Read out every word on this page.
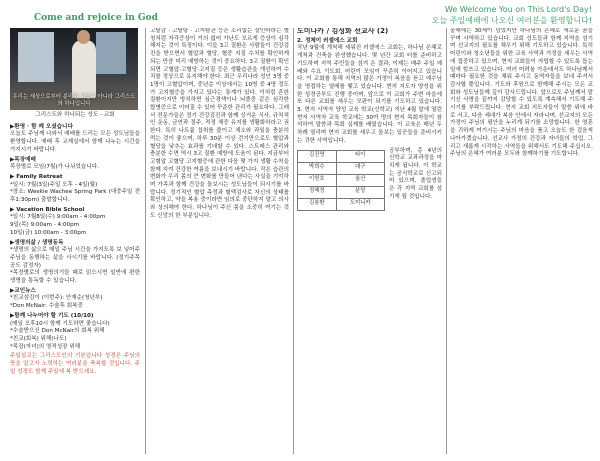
Come and rejoice in God
We Welcome You on This Lord's Day!
오늘 주일예배에 나오신 여러분을 환영합니다!
우리는 세상으로부터 분리된 이들이 아니라 그리스도와 하나입니다
그리스도와 하나되는 성도 - 교회
▶환영 · 함 께 오셨습니다

오늘도 주님께 나와서 예배를 드리는 모든 성도님들을 환영합니다. 예배 후 교제실에서 함께 나누는 시간을 가지시기 바랍니다.

▶목장예배

목장별로 모임(7월)가 나뉘었습니다.

▶ Family Retreat

*일시: 7월(3일)주일 오후 - 4일(월)
*장소: Weekie Wachee Spring Park (대중주일 전후1:30pm) 출발합니다.

▶ Vacation Bible School

*일시: 7월8일(수) 9:00am - 4:00pm
9일(목) 9:00am - 4:00pm
10일(금) 10:00am - 3:00pm

▶생명의삶 / 생명동독

*생명의 삶으로 매일 주님 시간을 가지도록 보 넣어주 주님을 동행하는 삶을 사시기를 바랍니다. (정기주목 공도 감정자)
*목장별로의 생명의기들 때로 읽으시면 일반에 편한 생명을 통독할 수 있습니다.

▶교인뉴스

*친교섬김이 (이번주): 안재순(청년부)
*Don McNair: 수술후 회복중

▶함께 나누어야 할 기도 (10/10)

(매일 오후10시 함께 기도하면 좋습니다)
*수술받으신 Don McNair의 회복 위해
*친교(회복) 위해(나도)
*목장(자녀)의 영적성장 위해

주일설교는 그리스도인의 기본입니다 성경은 주님의 뜻을 알고자 노력하는 여러분을 축복할 것입니다. 주일 성경도 함께 주일에 복 받으세요.

고탈감 · 고탈탕 · 고지탐관 등은 소리없는 살인마라는 별칭처럼 자각증상이 거의 없어 가난도 모르게 증상이 심각해지는 것이 특징이다. 이들 3고 질환은 사람들이 건강검진을 받으면서 혈압과 혈당, 혈중 지질 수치를 확인하게 되는 만큼 미리 예방하는 것이 중요하다. 3고 질환이 확인되면 고혈압·고혈당·고지질 등은 생활습관을 개선하여 수치를 정상으로 유지해야 한다. 최근 우리나라 성인 3명 중 1명이 고혈압이며, 중년층 이상에서는 10명 중 4명 정도가 고지혈증을 가지고 있다는 통계가 있다. 이처럼 흔한 질환이지만 방치하면 심근경색이나 뇌졸중 같은 심각한 합병증으로 이어질 수 있어 꾸준한 관리가 필요하다. 그래서 전문가들은 정기 건강검진과 함께 싱거운 식사, 규칙적인 운동, 금연과 절주, 적정 체중 유지를 생활화하라고 권한다. 특히 나트륨 섭취를 줄이고 채소와 과일을 충분히 먹는 것이 좋으며, 하루 30분 이상 걷기만으로도 혈압과 혈당을 낮추는 효과를 기대할 수 있다. 스트레스 관리와 충분한 수면 역시 3고 질환 예방에 도움이 된다. 지금부터 고혈압 고혈당 고지혈증에 관한 다음 몇 가지 생활 수칙을 함께 지켜 건강한 여름을 보내시기 바랍니다. 작은 습관의 변화가 우리 몸의 큰 변화를 만들어 낸다는 사실을 기억하며 가족과 함께 건강을 돌보시는 성도님들이 되시기를 바랍니다. 정기적인 혈압 측정과 혈액검사로 자신의 상태를 확인하고, 약을 복용 중이라면 임의로 중단하지 말고 의사와 상의해야 한다. 하나님이 주신 몸을 소중히 여기는 것도 신앙의 한 부분입니다.

도미나카 / 김성화 선교사 (2)
2. 정체이 러셀에스 교회

작년 9월에 개척해 세워진 러셀에스 교회는, 하나님 은혜로 개척과 건축을 완성했습니다. 몇 년간 교회 터를 준비하고 기도하며 지역 주민들을 섬겨 온 결과, 이제는 매주 주일 예배와 수요 기도회, 어린이 모임이 꾸준히 이어지고 있습니다. 이 교회를 통해 지역의 많은 가정이 복음을 듣고 예수님을 영접하는 열매를 맺고 있습니다. 현지 지도자 양성을 위한 성경공부도 진행 중이며, 앞으로 이 교회가 주변 마을에 또 다른 교회를 세우는 모판이 되기를 기도하고 있습니다. 3. 현지 사역자 양성 교육 학교(신학교) 지난 4월 말에 열린 현지 사역자 교육 학교에는 30여 명의 현지 목회자들이 참석하여 말씀과 목회 실제를 배웠습니다. 이 교육은 매년 두 차례 열리며 현지 교회를 세우고 돌보는 일꾼들을 준비시키는 귀한 사역입니다.

김진영	타이
박희수	대구
이헌호	울산
정혜정	분당
김봉환	도미니카

공부하며, 총 4년의 신학교 교과과정을 마치게 됩니다. 이 학교는 공식학교로 신고되어 있으며, 졸업생들은 각 지역 교회를 섬기게 될 것입니다.

올해에는 30세이 넘었지만 하나님의 은혜로 새로운 꿈을 꾸며 사역하고 있습니다. 교회 성도들과 함께 지역을 섬기며 선교지의 필요를 채우기 위해 기도하고 있습니다. 특히 어린이와 청소년들을 위한 교육 사역과 가정을 세우는 사역에 집중하고 있으며, 현지 교회들이 자립할 수 있도록 돕는 일에 힘쓰고 있습니다. 여러 어려움 가운데서도 하나님께서 때마다 필요한 것을 채워 주시고 동역자들을 보내 주셔서 감사할 뿐입니다. 기도와 후원으로 함께해 주시는 모든 교회와 성도님들께 깊이 감사드립니다. 앞으로도 주님께서 맡기신 사명을 끝까지 감당할 수 있도록 계속해서 기도해 주시기를 부탁드립니다. 현지 교회 지도자들이 말씀 위에 바로 서고, 다음 세대가 복음 안에서 자라나며, 선교지의 모든 가정이 주님의 평안을 누리게 되기를 소망합니다. 한 영혼을 귀하게 여기시는 주님의 마음을 품고 오늘도 한 걸음씩 나아가겠습니다. 선교사 가정의 건강과 자녀들의 학업, 그리고 새롭게 시작하는 사역들을 위해서도 기도해 주십시오. 주님의 은혜가 여러분 모두와 함께하기를 기도합니다.
